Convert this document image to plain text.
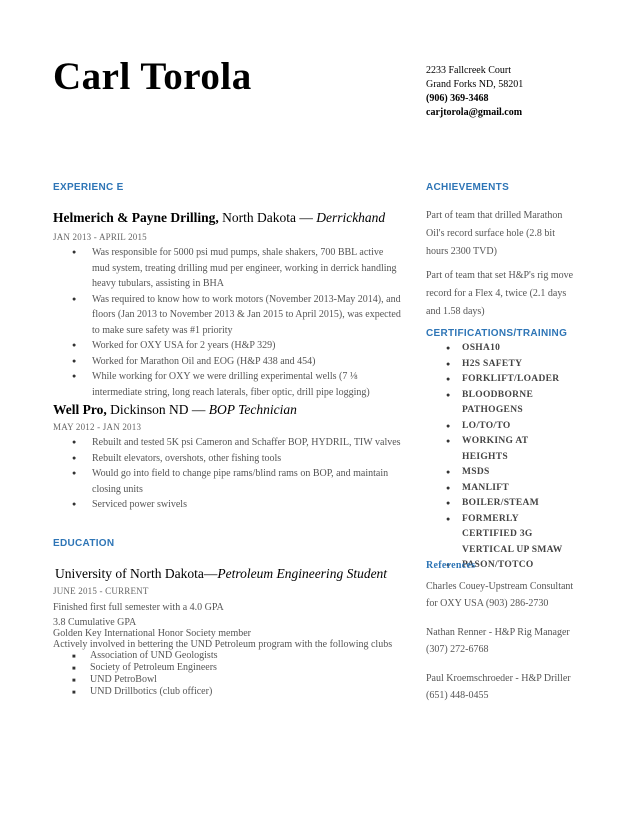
Carl Torola	2233 Fallcreek Court
Grand Forks ND, 58201
(906) 369-3468
carjtorola@gmail.com
EXPERIENC E
Helmerich & Payne Drilling, North Dakota — Derrickhand
JAN 2013 - APRIL 2015
● Was responsible for 5000 psi mud pumps, shale shakers, 700 BBL active mud system, treating drilling mud per engineer, working in derrick handling heavy tubulars, assisting in BHA
● Was required to know how to work motors (November 2013-May 2014), and floors (Jan 2013 to November 2013 & Jan 2015 to April 2015), was expected to make sure safety was #1 priority
● Worked for OXY USA for 2 years (H&P 329)
● Worked for Marathon Oil and EOG (H&P 438 and 454)
● While working for OXY we were drilling experimental wells (7 ⅛ intermediate string, long reach laterals, fiber optic, drill pipe logging)
Well Pro, Dickinson ND — BOP Technician
MAY 2012 - JAN 2013
● Rebuilt and tested 5K psi Cameron and Schaffer BOP, HYDRIL, TIW valves
● Rebuilt elevators, overshots, other fishing tools
● Would go into field to change pipe rams/blind rams on BOP, and maintain closing units
● Serviced power swivels
EDUCATION
University of North Dakota—Petroleum Engineering Student
JUNE 2015 - CURRENT
Finished first full semester with a 4.0 GPA
3.8 Cumulative GPA
Golden Key International Honor Society member
Actively involved in bettering the UND Petroleum program with the following clubs
■ Association of UND Geologists
■ Society of Petroleum Engineers
■ UND PetroBowl
■ UND Drillbotics (club officer)
ACHIEVEMENTS
Part of team that drilled Marathon Oil's record surface hole (2.8 bit hours 2300 TVD)
Part of team that set H&P's rig move record for a Flex 4, twice (2.1 days and 1.58 days)
CERTIFICATIONS/TRAINING
● OSHA10
● H2S SAFETY
● FORKLIFT/LOADER
● BLOODBORNE PATHOGENS
● LO/TO/TO
● WORKING AT HEIGHTS
● MSDS
● MANLIFT
● BOILER/STEAM
● FORMERLY CERTIFIED 3G VERTICAL UP SMAW
● PASON/TOTCO
References
Charles Couey-Upstream Consultant
for OXY USA (903) 286-2730
Nathan Renner - H&P Rig Manager
(307) 272-6768
Paul Kroemschroeder - H&P Driller
(651) 448-0455
